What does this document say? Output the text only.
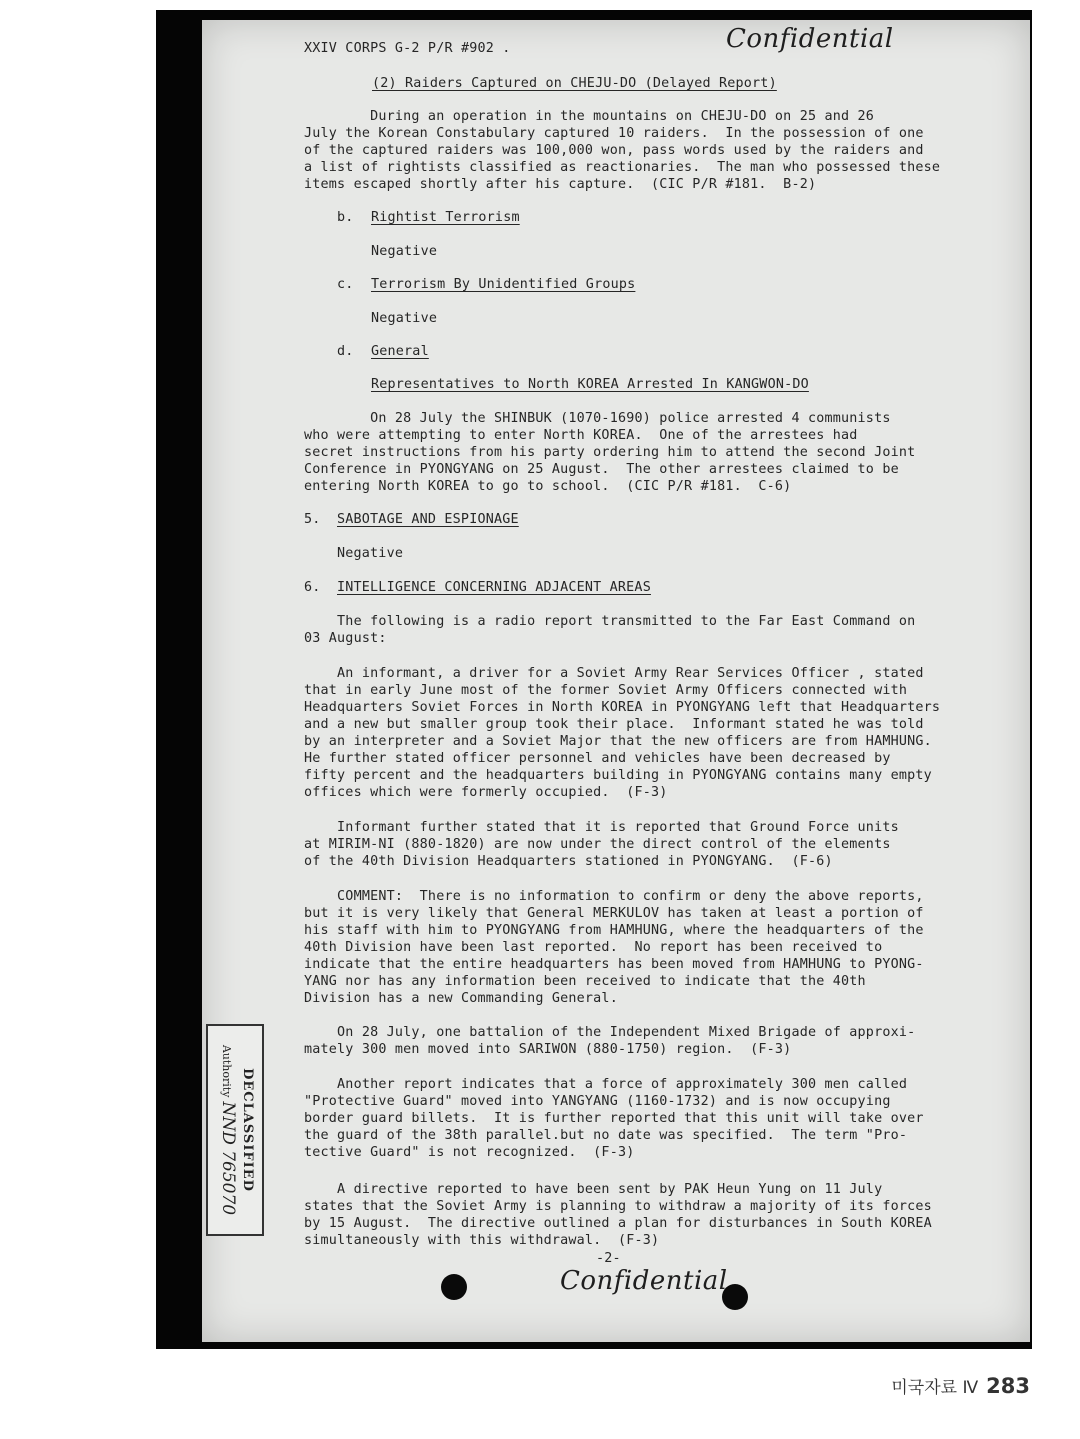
XXIV CORPS G-2 P/R #902 .	Confidential
(2) Raiders Captured on CHEJU-DO (Delayed Report)
During an operation in the mountains on CHEJU-DO on 25 and 26
July the Korean Constabulary captured 10 raiders.  In the possession of one
of the captured raiders was 100,000 won, pass words used by the raiders and
a list of rightists classified as reactionaries.  The man who possessed these
items escaped shortly after his capture.  (CIC P/R #181.  B-2)
b. Rightist Terrorism
Negative
c. Terrorism By Unidentified Groups
Negative
d. General
Representatives to North KOREA Arrested In KANGWON-DO
On 28 July the SHINBUK (1070-1690) police arrested 4 communists
who were attempting to enter North KOREA.  One of the arrestees had
secret instructions from his party ordering him to attend the second Joint
Conference in PYONGYANG on 25 August.  The other arrestees claimed to be
entering North KOREA to go to school.  (CIC P/R #181.  C-6)
5. SABOTAGE AND ESPIONAGE
Negative
6. INTELLIGENCE CONCERNING ADJACENT AREAS
The following is a radio report transmitted to the Far East Command on
03 August:
An informant, a driver for a Soviet Army Rear Services Officer , stated
that in early June most of the former Soviet Army Officers connected with
Headquarters Soviet Forces in North KOREA in PYONGYANG left that Headquarters
and a new but smaller group took their place.  Informant stated he was told
by an interpreter and a Soviet Major that the new officers are from HAMHUNG.
He further stated officer personnel and vehicles have been decreased by
fifty percent and the headquarters building in PYONGYANG contains many empty
offices which were formerly occupied.  (F-3)
Informant further stated that it is reported that Ground Force units
at MIRIM-NI (880-1820) are now under the direct control of the elements
of the 40th Division Headquarters stationed in PYONGYANG.  (F-6)
COMMENT:  There is no information to confirm or deny the above reports,
but it is very likely that General MERKULOV has taken at least a portion of
his staff with him to PYONGYANG from HAMHUNG, where the headquarters of the
40th Division have been last reported.  No report has been received to
indicate that the entire headquarters has been moved from HAMHUNG to PYONG-
YANG nor has any information been received to indicate that the 40th
Division has a new Commanding General.
On 28 July, one battalion of the Independent Mixed Brigade of approxi-
mately 300 men moved into SARIWON (880-1750) region.  (F-3)
Another report indicates that a force of approximately 300 men called
"Protective Guard" moved into YANGYANG (1160-1732) and is now occupying
border guard billets.  It is further reported that this unit will take over
the guard of the 38th parallel.but no date was specified.  The term "Pro-
tective Guard" is not recognized.  (F-3)
A directive reported to have been sent by PAK Heun Yung on 11 July
states that the Soviet Army is planning to withdraw a majority of its forces
by 15 August.  The directive outlined a plan for disturbances in South KOREA
simultaneously with this withdrawal.  (F-3)
-2-
Confidential
DECLASSIFIED
AuthorityNND 765070
미국자료 Ⅳ 283
